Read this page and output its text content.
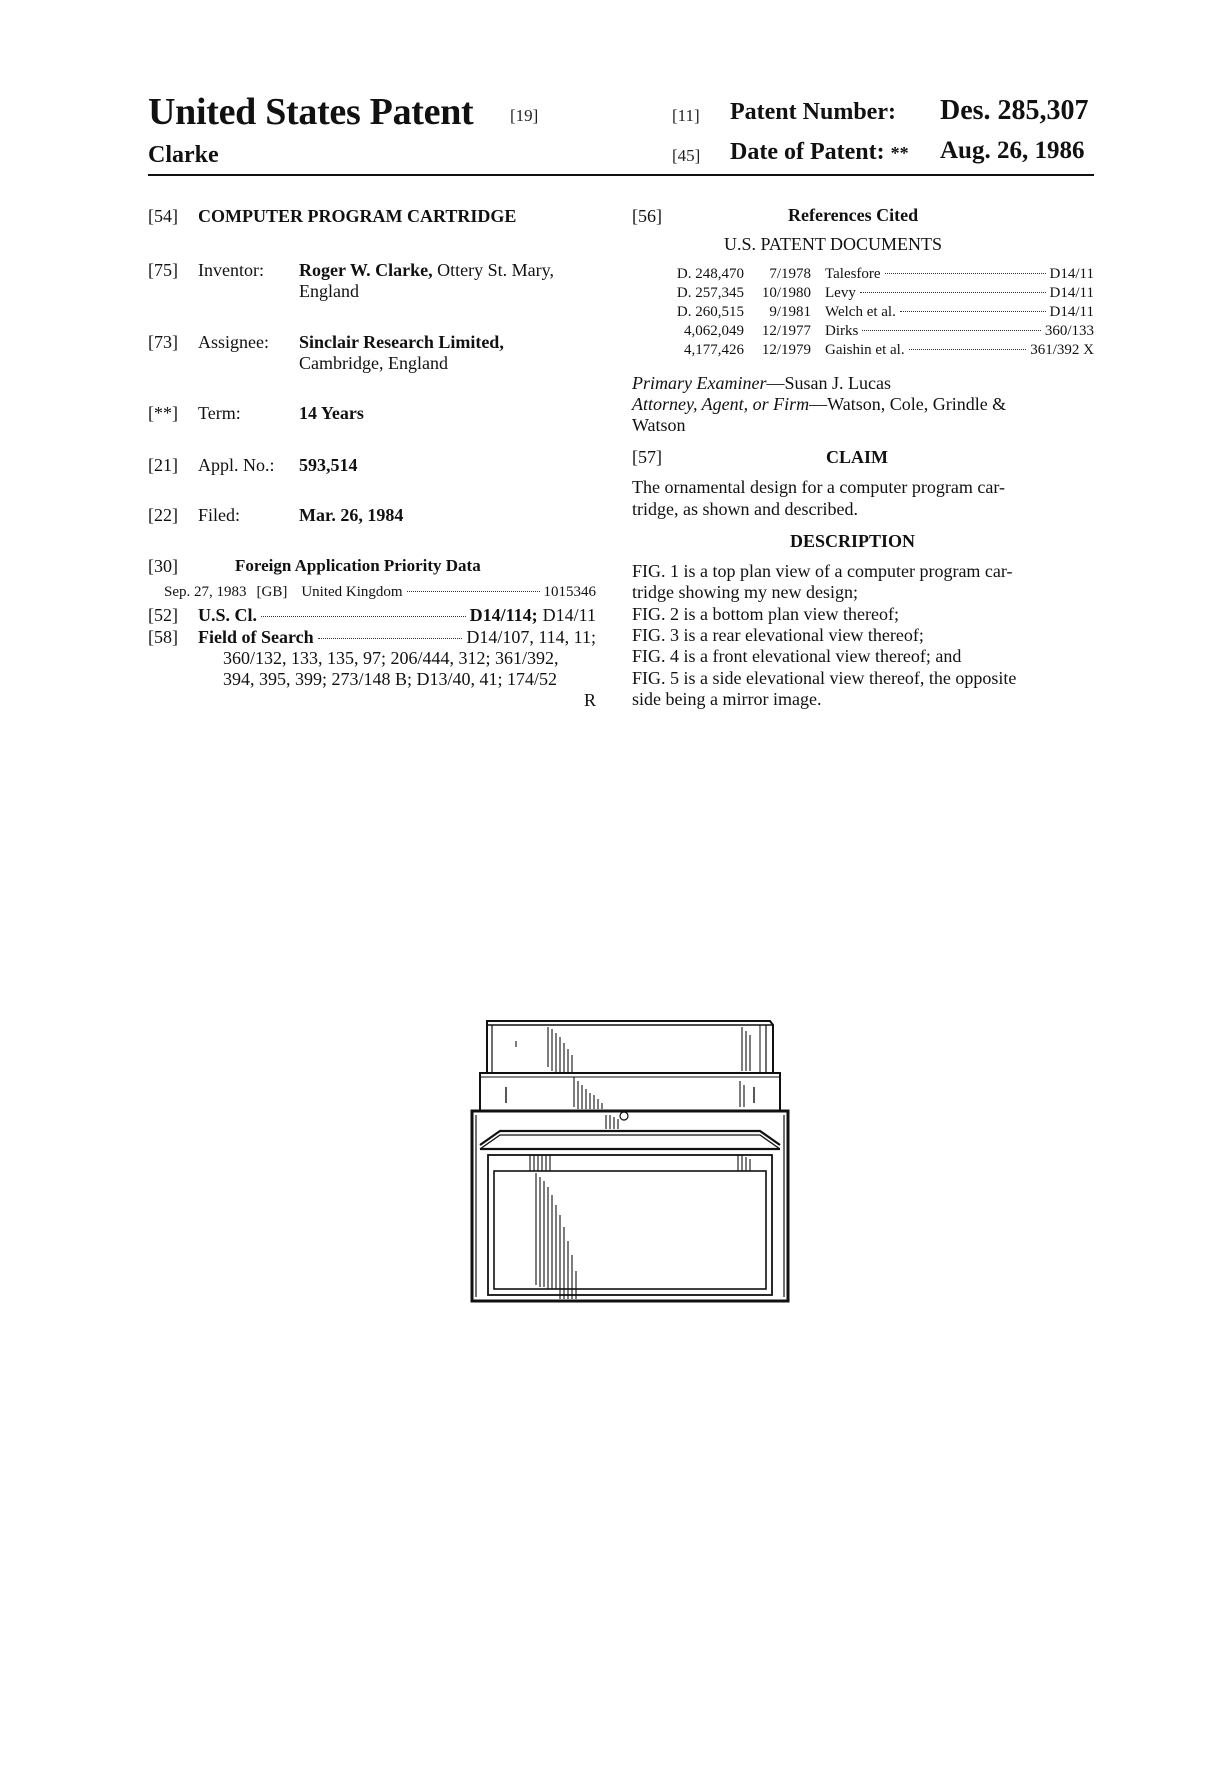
United States Patent [19]
Clarke
[11] Patent Number: Des. 285,307
[45] Date of Patent: ** Aug. 26, 1986
[54] COMPUTER PROGRAM CARTRIDGE
[75] Inventor: Roger W. Clarke, Ottery St. Mary,
England
[73] Assignee: Sinclair Research Limited,
Cambridge, England
[**] Term:	14 Years
[21] Appl. No.: 593,514
[22] Filed:	Mar. 26, 1984
[30]	Foreign Application Priority Data
Sep. 27, 1983 [GB] United Kingdom	1015346
[52] U.S. Cl.	D14/114; D14/11
[58] Field of Search	D14/107, 114, 11;
360/132, 133, 135, 97; 206/444, 312; 361/392,
394, 395, 399; 273/148 B; D13/40, 41; 174/52
R
[56]	References Cited
U.S. PATENT DOCUMENTS
D. 248,470	7/1978 Talesfore	D14/11
D. 257,345	10/1980 Levy	D14/11
D. 260,515	9/1981 Welch et al.	D14/11
4,062,049	12/1977 Dirks	360/133
4,177,426	12/1979 Gaishin et al.	361/392 X
Primary Examiner—Susan J. Lucas
Attorney, Agent, or Firm—Watson, Cole, Grindle &
Watson
[57]	CLAIM
The ornamental design for a computer program car-
tridge, as shown and described.
DESCRIPTION
FIG. 1 is a top plan view of a computer program car-
tridge showing my new design;
FIG. 2 is a bottom plan view thereof;
FIG. 3 is a rear elevational view thereof;
FIG. 4 is a front elevational view thereof; and
FIG. 5 is a side elevational view thereof, the opposite
side being a mirror image.
